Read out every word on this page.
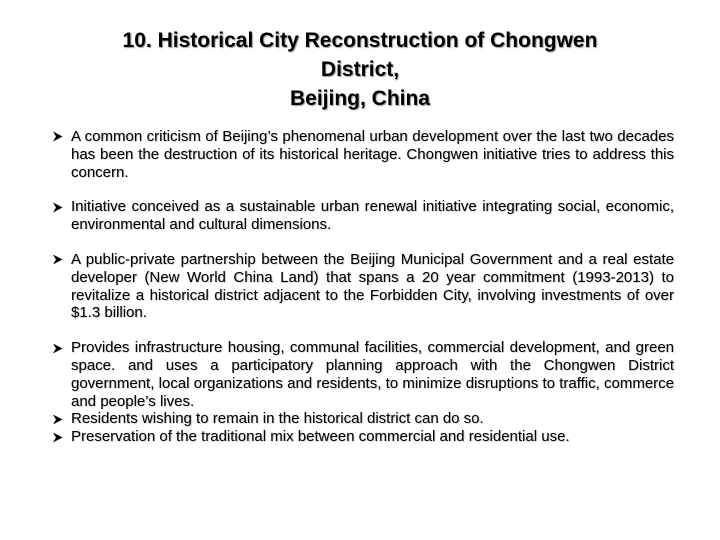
10. Historical City Reconstruction of Chongwen
District,
Beijing, China
A common criticism of Beijing’s phenomenal urban development over the last two decades has been the destruction of its historical heritage. Chongwen initiative tries to address this concern.
Initiative conceived as a sustainable urban renewal initiative integrating social, economic, environmental and cultural dimensions.
A public-private partnership between the Beijing Municipal Government and a real estate developer (New World China Land) that spans a 20 year commitment (1993-2013) to revitalize a historical district adjacent to the Forbidden City, involving investments of over $1.3 billion.
Provides infrastructure housing, communal facilities, commercial development, and green space. and uses a participatory planning approach with the Chongwen District government, local organizations and residents, to minimize disruptions to traffic, commerce and people’s lives.
Residents wishing to remain in the historical district can do so.
Preservation of the traditional mix between commercial and residential use.
